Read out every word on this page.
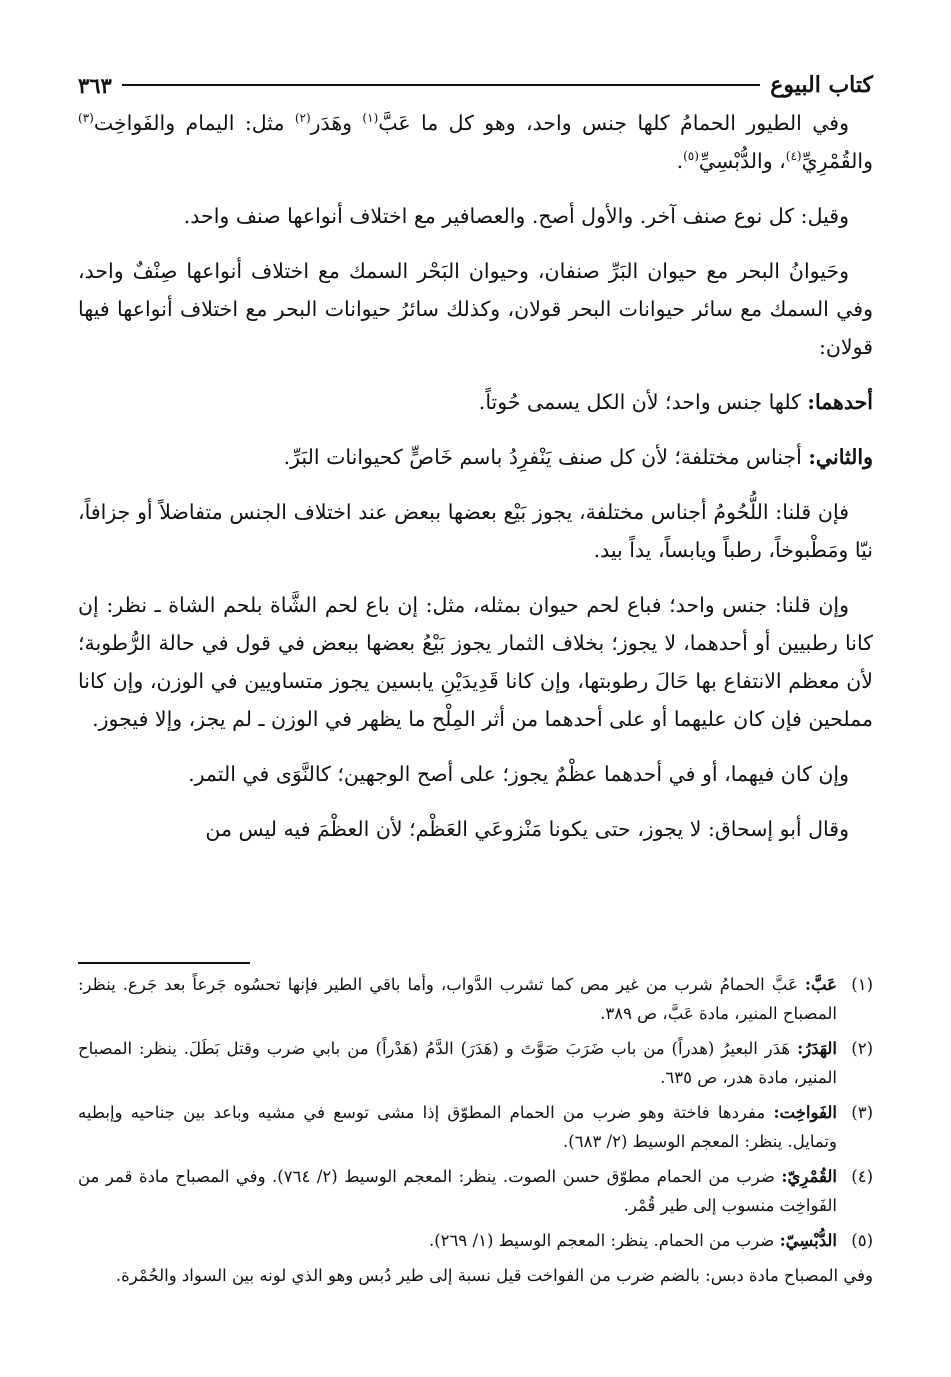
كتاب البيوع
٣٦٣

وفي الطيور الحمامُ كلها جنس واحد، وهو كل ما عَبَّ$^{(١)}$ وهَدَر$^{(٢)}$ مثل: اليمام والفَواخِت$^{(٣)}$ والقُمْرِيِّ$^{(٤)}$، والدُّبْسِيِّ$^{(٥)}$.

وقيل: كل نوع صنف آخر. والأول أصح. والعصافير مع اختلاف أنواعها صنف واحد.

وحَيوانُ البحر مع حيوان البَرِّ صنفان، وحيوان البَحْر السمك مع اختلاف أنواعها صِنْفٌ واحد، وفي السمك مع سائر حيوانات البحر قولان، وكذلك سائرُ حيوانات البحر مع اختلاف أنواعها فيها قولان:

أحدهما: كلها جنس واحد؛ لأن الكل يسمى حُوتاً.

والثاني: أجناس مختلفة؛ لأن كل صنف يَنْفرِدُ باسم خَاصٍّ كحيوانات البَرِّ.

فإن قلنا: اللُّحُومُ أجناس مختلفة، يجوز بَيْع بعضها ببعض عند اختلاف الجنس متفاضلاً أو جزافاً، نيّا ومَطْبوخاً، رطباً ويابساً، يداً بيد.

وإن قلنا: جنس واحد؛ فباع لحم حيوان بمثله، مثل: إن باع لحم الشَّاة بلحم الشاة ـ نظر: إن كانا رطبيين أو أحدهما، لا يجوز؛ بخلاف الثمار يجوز بَيْعُ بعضها ببعض في قول في حالة الرُّطوبة؛ لأن معظم الانتفاع بها حَالَ رطوبتها، وإن كانا قَدِيدَيْنِ يابسين يجوز متساويين في الوزن، وإن كانا مملحين فإن كان عليهما أو على أحدهما من أثر المِلْح ما يظهر في الوزن ـ لم يجز، وإلا فيجوز.

وإن كان فيهما، أو في أحدهما عظْمٌ يجوز؛ على أصح الوجهين؛ كالنَّوَى في التمر.

وقال أبو إسحاق: لا يجوز، حتى يكونا مَنْزوعَي العَظْم؛ لأن العظْمَ فيه ليس من

(١)
عَبَّ: عَبَّ الحمامُ شرب من غير مص كما تشرب الدَّواب، وأما باقي الطير فإنها تحسُوه جَرعاً بعد جَرع. ينظر: المصباح المنير، مادة عَبَّ، ص ٣٨٩.

(٢)
الهَدَرُ: هَدَر البعيرُ (هدراً) من باب ضَرَبَ صَوَّتَ و (هَدَرَ) الدَّمُ (هَدْراً) من بابي ضرب وقتل بَطَلَ. ينظر: المصباح المنير، مادة هدر، ص ٦٣٥.

(٣)
الفَواخِت: مفردها فاختة وهو ضرب من الحمام المطوّق إذا مشى توسع في مشيه وباعد بين جناحيه وإبطيه وتمايل. ينظر: المعجم الوسيط (٢/ ٦٨٣).

(٤)
القُمْرِيّ: ضرب من الحمام مطوّق حسن الصوت. ينظر: المعجم الوسيط (٢/ ٧٦٤). وفي المصباح مادة قمر من الفَواخِت منسوب إلى طير قُمْر.

(٥)
الدُّبْسِيّ: ضرب من الحمام. ينظر: المعجم الوسيط (١/ ٢٦٩).

وفي المصباح مادة دبس: بالضم ضرب من الفواخت قيل نسبة إلى طير دُبس وهو الذي لونه بين السواد والحُمْرة.
